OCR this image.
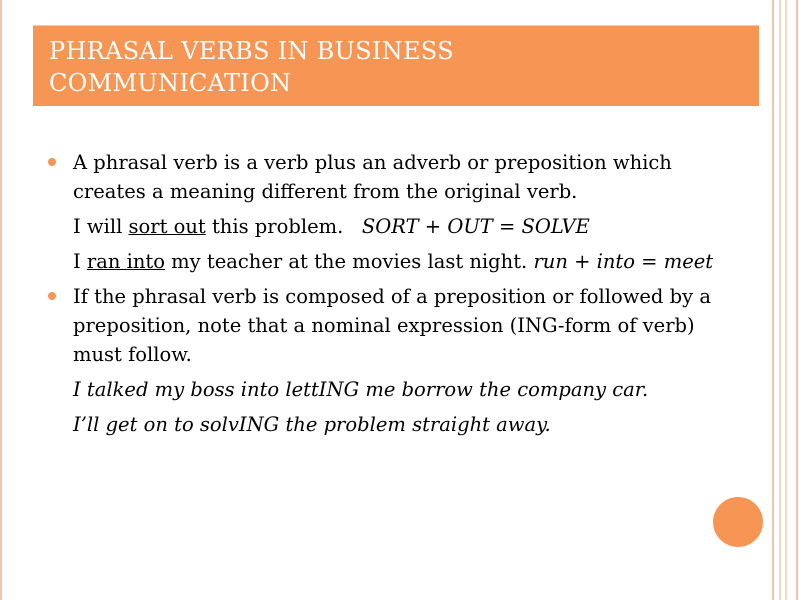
PHRASAL VERBS IN BUSINESS
COMMUNICATION

A phrasal verb is a verb plus an adverb or preposition which creates a meaning different from the original verb.

I will sort out this problem. SORT + OUT = SOLVE

I ran into my teacher at the movies last night. run + into = meet

If the phrasal verb is composed of a preposition or followed by a preposition, note that a nominal expression (ING-form of verb) must follow.

I talked my boss into lettING me borrow the company car.

I’ll get on to solvING the problem straight away.
